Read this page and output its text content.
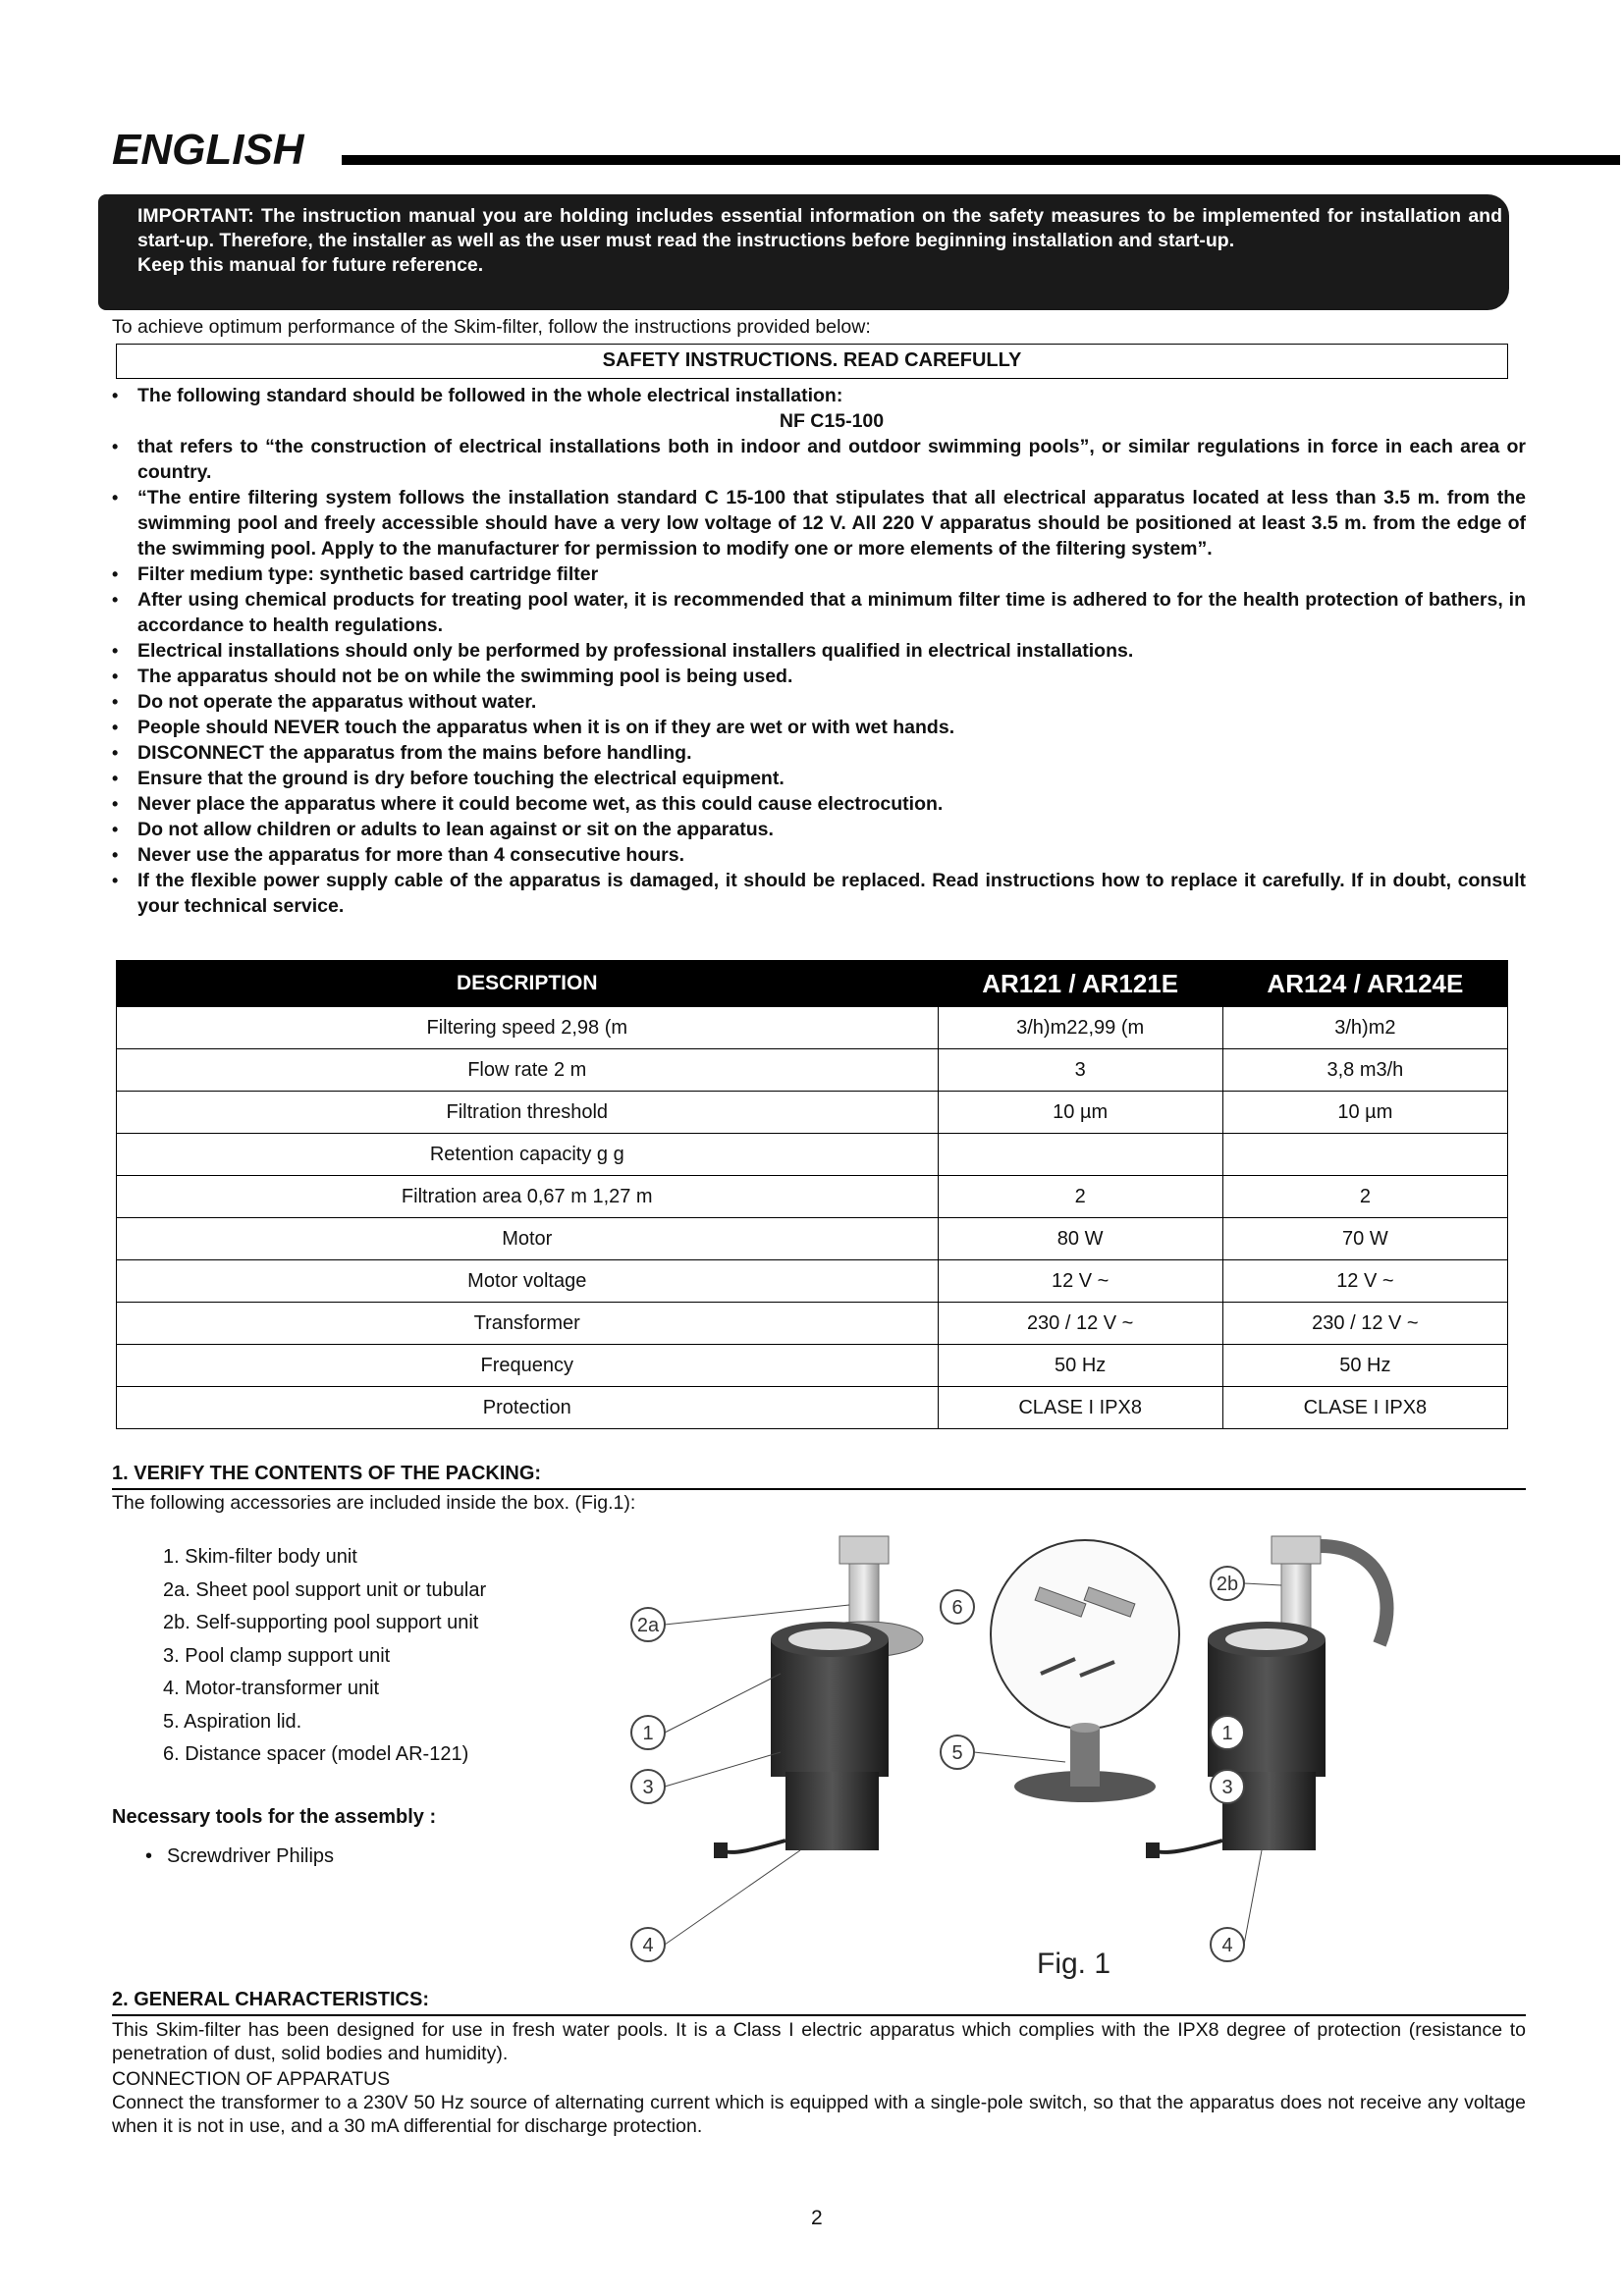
ENGLISH

IMPORTANT: The instruction manual you are holding includes essential information on the safety measures to be implemented for installation and start-up. Therefore, the installer as well as the user must read the instructions before beginning installation and start-up.

Keep this manual for future reference.

To achieve optimum performance of the Skim-filter, follow the instructions provided below:
SAFETY INSTRUCTIONS. READ CAREFULLY
• The following standard should be followed in the whole electrical installation:
NF C15-100
• that refers to “the construction of electrical installations both in indoor and outdoor swimming pools”, or similar regulations in force in each area or country.
• “The entire filtering system follows the installation standard C 15-100 that stipulates that all electrical apparatus located at less than 3.5 m. from the swimming pool and freely accessible should have a very low voltage of 12 V. All 220 V apparatus should be positioned at least 3.5 m. from the edge of the swimming pool. Apply to the manufacturer for permission to modify one or more elements of the filtering system”.
• Filter medium type: synthetic based cartridge filter
• After using chemical products for treating pool water, it is recommended that a minimum filter time is adhered to for the health protection of bathers, in accordance to health regulations.
• Electrical installations should only be performed by professional installers qualified in electrical installations.
• The apparatus should not be on while the swimming pool is being used.
• Do not operate the apparatus without water.
• People should NEVER touch the apparatus when it is on if they are wet or with wet hands.
• DISCONNECT the apparatus from the mains before handling.
• Ensure that the ground is dry before touching the electrical equipment.
• Never place the apparatus where it could become wet, as this could cause electrocution.
• Do not allow children or adults to lean against or sit on the apparatus.
• Never use the apparatus for more than 4 consecutive hours.
• If the flexible power supply cable of the apparatus is damaged, it should be replaced. Read instructions how to replace it carefully. If in doubt, consult your technical service.
DESCRIPTION	AR121 / AR121E	AR124 / AR124E
Filtering speed 2,98 (m	3/h)m22,99 (m	3/h)m2
Flow rate 2 m	3	3,8 m3/h
Filtration threshold	10 µm	10 µm
Retention capacity g g		
Filtration area 0,67 m 1,27 m	2	2
Motor	80 W	70 W
Motor voltage	12 V ~	12 V ~
Transformer	230 / 12 V ~	230 / 12 V ~
Frequency	50 Hz	50 Hz
Protection	CLASE I IPX8	CLASE I IPX8
1. VERIFY THE CONTENTS OF THE PACKING:
The following accessories are included inside the box. (Fig.1):
1. Skim-filter body unit
2a. Sheet pool support unit or tubular
2b. Self-supporting pool support unit
3. Pool clamp support unit
4. Motor-transformer unit
5. Aspiration lid.
6. Distance spacer (model AR-121)
Necessary tools for the assembly :
• Screwdriver Philips
2a
1
3
4
6
5
2b
1
3
4
Fig. 1
2. GENERAL CHARACTERISTICS:
This Skim-filter has been designed for use in fresh water pools. It is a Class I electric apparatus which complies with the IPX8 degree of protection (resistance to penetration of dust, solid bodies and humidity).
CONNECTION OF APPARATUS
Connect the transformer to a 230V 50 Hz source of alternating current which is equipped with a single-pole switch, so that the apparatus does not receive any voltage when it is not in use, and a 30 mA differential for discharge protection.
2
